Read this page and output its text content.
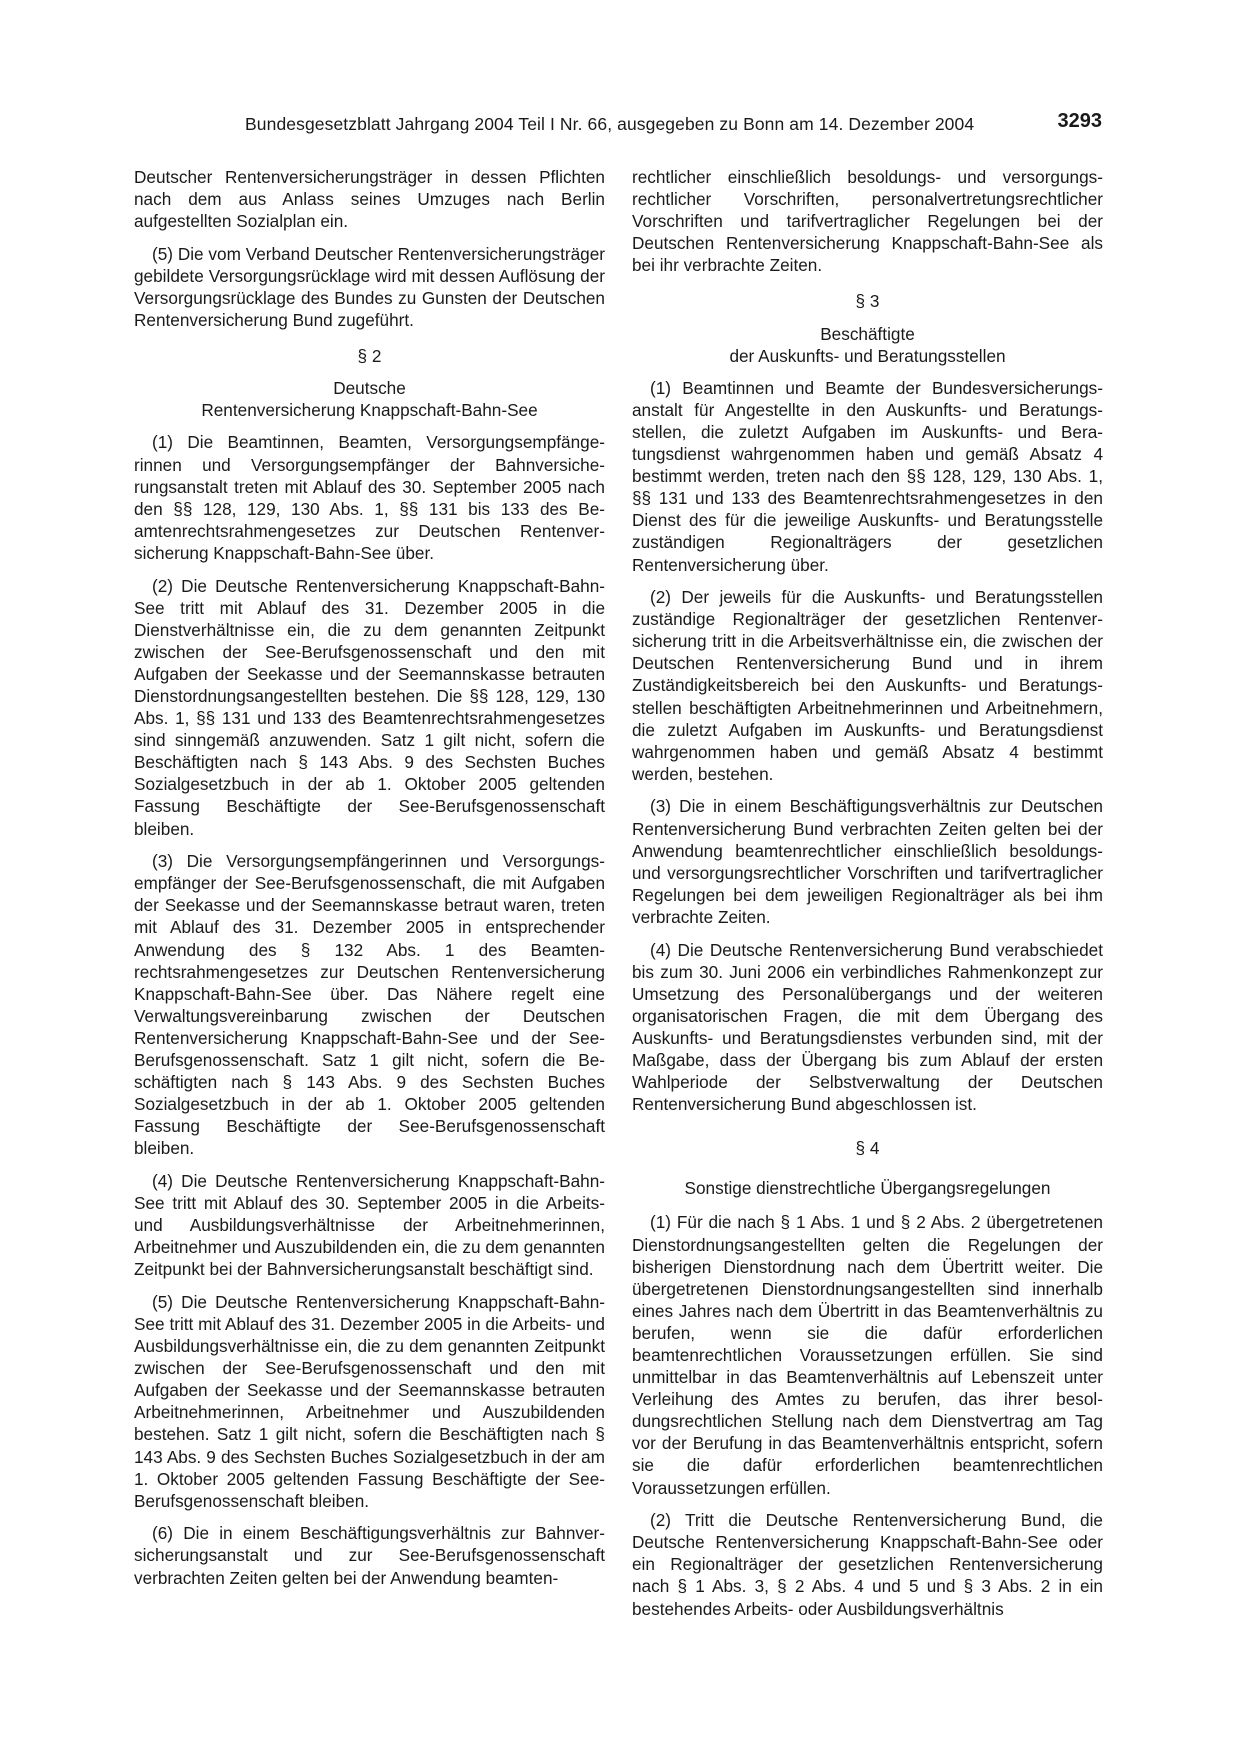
Bundesgesetzblatt Jahrgang 2004 Teil I Nr. 66, ausgegeben zu Bonn am 14. Dezember 2004	3293

Deutscher Rentenversicherungsträger in dessen Pflichten nach dem aus Anlass seines Umzuges nach Berlin aufgestellten Sozialplan ein.

(5) Die vom Verband Deutscher Rentenversicherungsträger gebildete Versorgungsrücklage wird mit dessen Auflösung der Versorgungsrücklage des Bundes zu Gunsten der Deutschen Rentenversicherung Bund zugeführt.

§ 2
Deutsche
Rentenversicherung Knappschaft-Bahn-See

(1) Die Beamtinnen, Beamten, Versorgungsempfängerinnen und Versorgungsempfänger der Bahnversicherungsanstalt treten mit Ablauf des 30. September 2005 nach den §§ 128, 129, 130 Abs. 1, §§ 131 bis 133 des Beamtenrechtsrahmengesetzes zur Deutschen Rentenversicherung Knappschaft-Bahn-See über.

(2) Die Deutsche Rentenversicherung Knappschaft-Bahn-See tritt mit Ablauf des 31. Dezember 2005 in die Dienstverhältnisse ein, die zu dem genannten Zeitpunkt zwischen der See-Berufsgenossenschaft und den mit Aufgaben der Seekasse und der Seemannskasse betrauten Dienstordnungsangestellten bestehen. Die §§ 128, 129, 130 Abs. 1, §§ 131 und 133 des Beamtenrechtsrahmengesetzes sind sinngemäß anzuwenden. Satz 1 gilt nicht, sofern die Beschäftigten nach § 143 Abs. 9 des Sechsten Buches Sozialgesetzbuch in der ab 1. Oktober 2005 geltenden Fassung Beschäftigte der See-Berufsgenossenschaft bleiben.

(3) Die Versorgungsempfängerinnen und Versorgungsempfänger der See-Berufsgenossenschaft, die mit Aufgaben der Seekasse und der Seemannskasse betraut waren, treten mit Ablauf des 31. Dezember 2005 in entsprechender Anwendung des § 132 Abs. 1 des Beamtenrechtsrahmengesetzes zur Deutschen Rentenversicherung Knappschaft-Bahn-See über. Das Nähere regelt eine Verwaltungsvereinbarung zwischen der Deutschen Rentenversicherung Knappschaft-Bahn-See und der See-Berufsgenossenschaft. Satz 1 gilt nicht, sofern die Beschäftigten nach § 143 Abs. 9 des Sechsten Buches Sozialgesetzbuch in der ab 1. Oktober 2005 geltenden Fassung Beschäftigte der See-Berufsgenossenschaft bleiben.

(4) Die Deutsche Rentenversicherung Knappschaft-Bahn-See tritt mit Ablauf des 30. September 2005 in die Arbeits- und Ausbildungsverhältnisse der Arbeitnehmerinnen, Arbeitnehmer und Auszubildenden ein, die zu dem genannten Zeitpunkt bei der Bahnversicherungsanstalt beschäftigt sind.

(5) Die Deutsche Rentenversicherung Knappschaft-Bahn-See tritt mit Ablauf des 31. Dezember 2005 in die Arbeits- und Ausbildungsverhältnisse ein, die zu dem genannten Zeitpunkt zwischen der See-Berufsgenossenschaft und den mit Aufgaben der Seekasse und der Seemannskasse betrauten Arbeitnehmerinnen, Arbeitnehmer und Auszubildenden bestehen. Satz 1 gilt nicht, sofern die Beschäftigten nach § 143 Abs. 9 des Sechsten Buches Sozialgesetzbuch in der am 1. Oktober 2005 geltenden Fassung Beschäftigte der See-Berufsgenossenschaft bleiben.

(6) Die in einem Beschäftigungsverhältnis zur Bahnversicherungsanstalt und zur See-Berufsgenossenschaft verbrachten Zeiten gelten bei der Anwendung beamten-

rechtlicher einschließlich besoldungs- und versorgungsrechtlicher Vorschriften, personalvertretungsrechtlicher Vorschriften und tarifvertraglicher Regelungen bei der Deutschen Rentenversicherung Knappschaft-Bahn-See als bei ihr verbrachte Zeiten.

§ 3
Beschäftigte
der Auskunfts- und Beratungsstellen

(1) Beamtinnen und Beamte der Bundesversicherungsanstalt für Angestellte in den Auskunfts- und Beratungsstellen, die zuletzt Aufgaben im Auskunfts- und Beratungsdienst wahrgenommen haben und gemäß Absatz 4 bestimmt werden, treten nach den §§ 128, 129, 130 Abs. 1, §§ 131 und 133 des Beamtenrechtsrahmengesetzes in den Dienst des für die jeweilige Auskunfts- und Beratungsstelle zuständigen Regionalträgers der gesetzlichen Rentenversicherung über.

(2) Der jeweils für die Auskunfts- und Beratungsstellen zuständige Regionalträger der gesetzlichen Rentenversicherung tritt in die Arbeitsverhältnisse ein, die zwischen der Deutschen Rentenversicherung Bund und in ihrem Zuständigkeitsbereich bei den Auskunfts- und Beratungsstellen beschäftigten Arbeitnehmerinnen und Arbeitnehmern, die zuletzt Aufgaben im Auskunfts- und Beratungsdienst wahrgenommen haben und gemäß Absatz 4 bestimmt werden, bestehen.

(3) Die in einem Beschäftigungsverhältnis zur Deutschen Rentenversicherung Bund verbrachten Zeiten gelten bei der Anwendung beamtenrechtlicher einschließlich besoldungs- und versorgungsrechtlicher Vorschriften und tarifvertraglicher Regelungen bei dem jeweiligen Regionalträger als bei ihm verbrachte Zeiten.

(4) Die Deutsche Rentenversicherung Bund verabschiedet bis zum 30. Juni 2006 ein verbindliches Rahmenkonzept zur Umsetzung des Personalübergangs und der weiteren organisatorischen Fragen, die mit dem Übergang des Auskunfts- und Beratungsdienstes verbunden sind, mit der Maßgabe, dass der Übergang bis zum Ablauf der ersten Wahlperiode der Selbstverwaltung der Deutschen Rentenversicherung Bund abgeschlossen ist.

§ 4
Sonstige dienstrechtliche Übergangsregelungen

(1) Für die nach § 1 Abs. 1 und § 2 Abs. 2 übergetretenen Dienstordnungsangestellten gelten die Regelungen der bisherigen Dienstordnung nach dem Übertritt weiter. Die übergetretenen Dienstordnungsangestellten sind innerhalb eines Jahres nach dem Übertritt in das Beamtenverhältnis zu berufen, wenn sie die dafür erforderlichen beamtenrechtlichen Voraussetzungen erfüllen. Sie sind unmittelbar in das Beamtenverhältnis auf Lebenszeit unter Verleihung des Amtes zu berufen, das ihrer besoldungsrechtlichen Stellung nach dem Dienstvertrag am Tag vor der Berufung in das Beamtenverhältnis entspricht, sofern sie die dafür erforderlichen beamtenrechtlichen Voraussetzungen erfüllen.

(2) Tritt die Deutsche Rentenversicherung Bund, die Deutsche Rentenversicherung Knappschaft-Bahn-See oder ein Regionalträger der gesetzlichen Rentenversicherung nach § 1 Abs. 3, § 2 Abs. 4 und 5 und § 3 Abs. 2 in ein bestehendes Arbeits- oder Ausbildungsverhältnis
